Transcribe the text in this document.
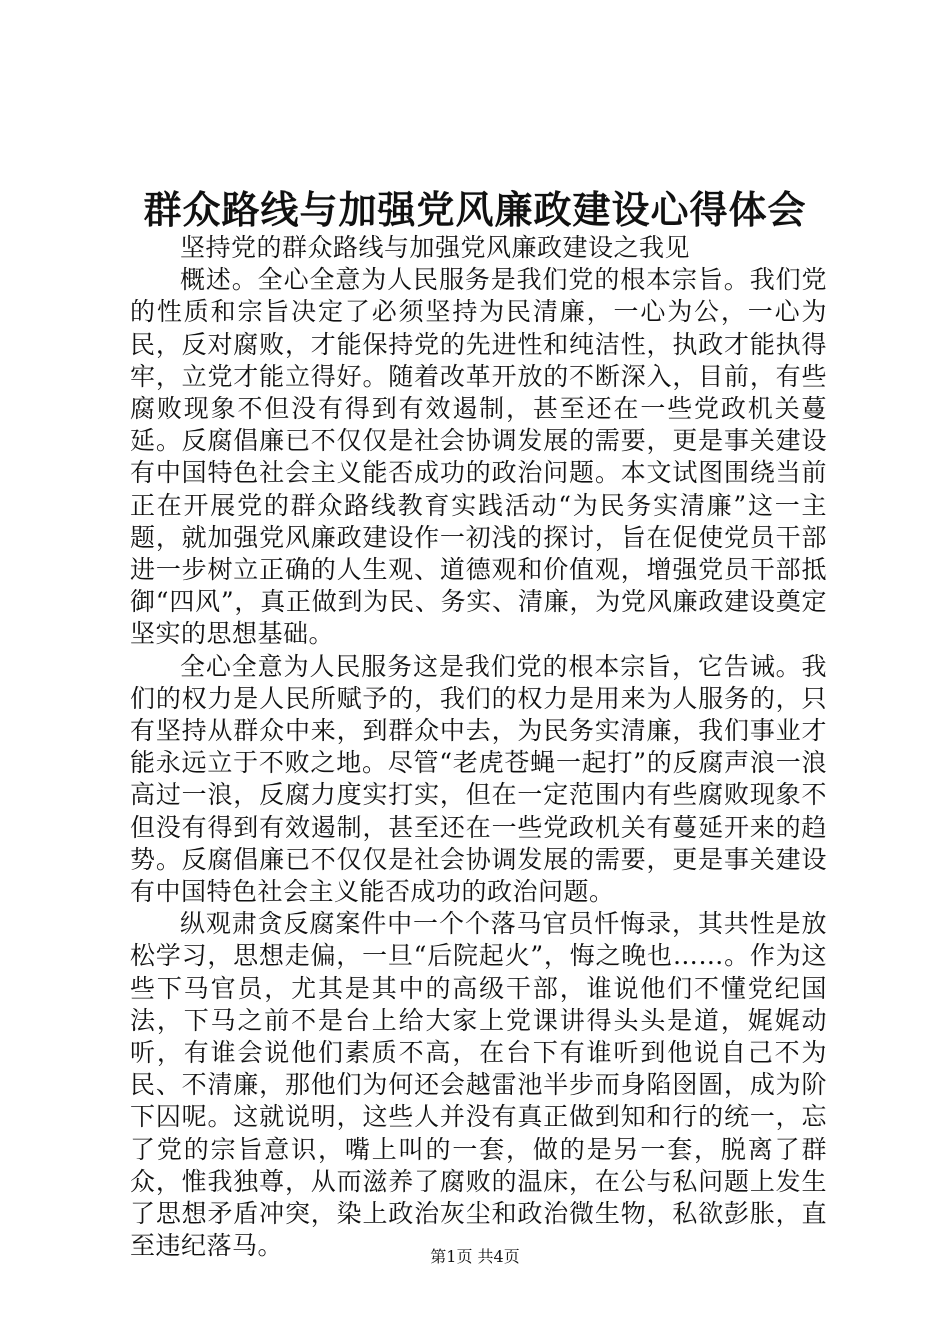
群众路线与加强党风廉政建设心得体会

坚持党的群众路线与加强党风廉政建设之我见

概述。全心全意为人民服务是我们党的根本宗旨。我们党的性质和宗旨决定了必须坚持为民清廉，一心为公，一心为民，反对腐败，才能保持党的先进性和纯洁性，执政才能执得牢，立党才能立得好。随着改革开放的不断深入，目前，有些腐败现象不但没有得到有效遏制，甚至还在一些党政机关蔓延。反腐倡廉已不仅仅是社会协调发展的需要，更是事关建设有中国特色社会主义能否成功的政治问题。本文试图围绕当前正在开展党的群众路线教育实践活动“为民务实清廉”这一主题，就加强党风廉政建设作一初浅的探讨，旨在促使党员干部进一步树立正确的人生观、道德观和价值观，增强党员干部抵御“四风”，真正做到为民、务实、清廉，为党风廉政建设奠定坚实的思想基础。

全心全意为人民服务这是我们党的根本宗旨，它告诫。我们的权力是人民所赋予的，我们的权力是用来为人服务的，只有坚持从群众中来，到群众中去，为民务实清廉，我们事业才能永远立于不败之地。尽管“老虎苍蝇一起打”的反腐声浪一浪高过一浪，反腐力度实打实，但在一定范围内有些腐败现象不但没有得到有效遏制，甚至还在一些党政机关有蔓延开来的趋势。反腐倡廉已不仅仅是社会协调发展的需要，更是事关建设有中国特色社会主义能否成功的政治问题。

纵观肃贪反腐案件中一个个落马官员忏悔录，其共性是放松学习，思想走偏，一旦“后院起火”，悔之晚也……。作为这些下马官员，尤其是其中的高级干部，谁说他们不懂党纪国法，下马之前不是台上给大家上党课讲得头头是道，娓娓动听，有谁会说他们素质不高，在台下有谁听到他说自己不为民、不清廉，那他们为何还会越雷池半步而身陷囹圄，成为阶下囚呢。这就说明，这些人并没有真正做到知和行的统一，忘了党的宗旨意识，嘴上叫的一套，做的是另一套，脱离了群众，惟我独尊，从而滋养了腐败的温床，在公与私问题上发生了思想矛盾冲突，染上政治灰尘和政治微生物，私欲彭胀，直至违纪落马。	第1页 共4页
